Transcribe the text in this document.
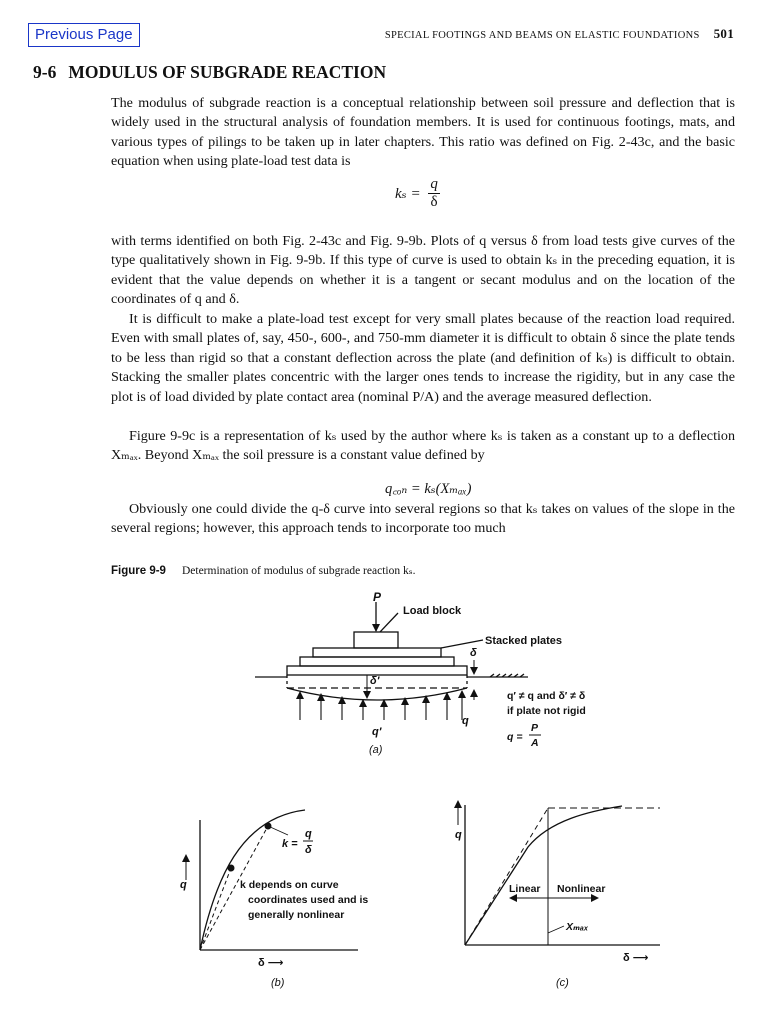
Previous Page	SPECIAL FOOTINGS AND BEAMS ON ELASTIC FOUNDATIONS 501
9-6 MODULUS OF SUBGRADE REACTION

The modulus of subgrade reaction is a conceptual relationship between soil pressure and deflection that is widely used in the structural analysis of foundation members. It is used for continuous footings, mats, and various types of pilings to be taken up in later chapters. This ratio was defined on Fig. 2-43c, and the basic equation when using plate-load test data is

$k_s = \frac{q}{\delta}$

with terms identified on both Fig. 2-43c and Fig. 9-9b. Plots of q versus δ from load tests give curves of the type qualitatively shown in Fig. 9-9b. If this type of curve is used to obtain kₛ in the preceding equation, it is evident that the value depends on whether it is a tangent or secant modulus and on the location of the coordinates of q and δ.

It is difficult to make a plate-load test except for very small plates because of the reaction load required. Even with small plates of, say, 450-, 600-, and 750-mm diameter it is difficult to obtain δ since the plate tends to be less than rigid so that a constant deflection across the plate (and definition of kₛ) is difficult to obtain. Stacking the smaller plates concentric with the larger ones tends to increase the rigidity, but in any case the plot is of load divided by plate contact area (nominal P/A) and the average measured deflection.

Figure 9-9c is a representation of kₛ used by the author where kₛ is taken as a constant up to a deflection Xₘₐₓ. Beyond Xₘₐₓ the soil pressure is a constant value defined by

q꜀ₒₙ = kₛ(Xₘₐₓ)

Obviously one could divide the q-δ curve into several regions so that kₛ takes on values of the slope in the several regions; however, this approach tends to incorporate too much

Figure 9-9 Determination of modulus of subgrade reaction kₛ.
P
Load block
Stacked plates
δ
δ′
q
q′
q′ ≠ q and δ′ ≠ δ
if plate not rigid
q =
P
A
(a)
k =
q
δ
q	k depends on curve
coordinates used and is
generally nonlinear
δ ⟶
(b)
q
Linear Nonlinear
Xₘₐₓ
δ ⟶
(c)
